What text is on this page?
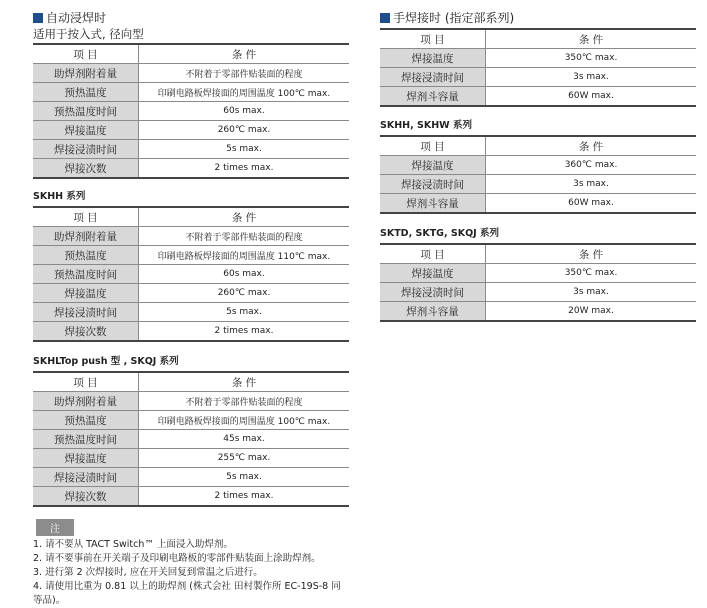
自动浸焊时
适用于按入式, 径向型
项 目	条 件
助焊剂附着量	不附着于零部件贴装面的程度
预热温度	印刷电路板焊接面的周围温度 100℃ max.
预热温度时间	60s max.
焊接温度	260℃ max.
焊接浸渍时间	5s max.
焊接次数	2 times max.
SKHH 系列
项 目	条 件
助焊剂附着量	不附着于零部件贴装面的程度
预热温度	印刷电路板焊接面的周围温度 110℃ max.
预热温度时间	60s max.
焊接温度	260℃ max.
焊接浸渍时间	5s max.
焊接次数	2 times max.
SKHLTop push 型 , SKQJ 系列
项 目	条 件
助焊剂附着量	不附着于零部件贴装面的程度
预热温度	印刷电路板焊接面的周围温度 100℃ max.
预热温度时间	45s max.
焊接温度	255℃ max.
焊接浸渍时间	5s max.
焊接次数	2 times max.
注
1. 请不要从 TACT Switch™ 上面浸入助焊剂。
2. 请不要事前在开关端子及印刷电路板的零部件贴装面上涂助焊剂。
3. 进行第 2 次焊接时, 应在开关回复到常温之后进行。
4. 请使用比重为 0.81 以上的助焊剂 (株式会社 田村製作所 EC-19S-8 同等品)。
手焊接时 (指定部系列)
项 目	条 件
焊接温度	350℃ max.
焊接浸渍时间	3s max.
焊剂斗容量	60W max.
SKHH, SKHW 系列
项 目	条 件
焊接温度	360℃ max.
焊接浸渍时间	3s max.
焊剂斗容量	60W max.
SKTD, SKTG, SKQJ 系列
项 目	条 件
焊接温度	350℃ max.
焊接浸渍时间	3s max.
焊剂斗容量	20W max.
